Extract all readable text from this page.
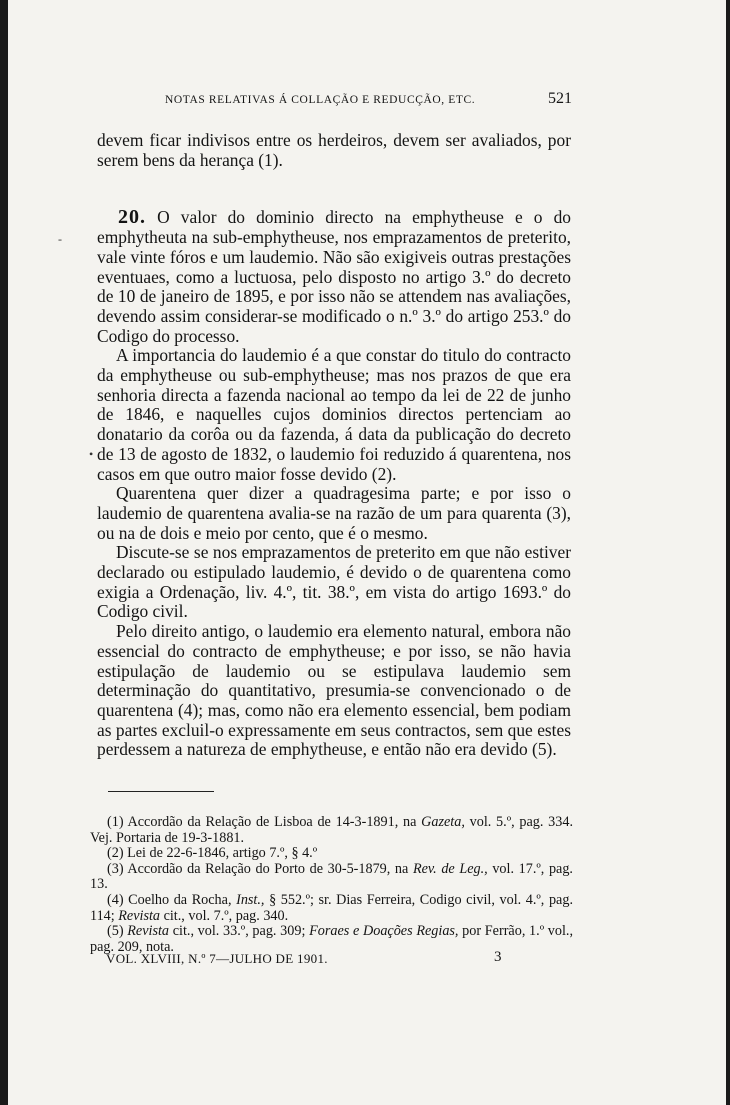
NOTAS RELATIVAS Á COLLAÇÃO E REDUCÇÃO, ETC.	521

devem ficar indivisos entre os herdeiros, devem ser avaliados, por serem bens da herança (1).

20. O valor do dominio directo na emphytheuse e o do emphytheuta na sub-emphytheuse, nos emprazamentos de preterito, vale vinte fóros e um laudemio. Não são exigiveis outras prestações eventuaes, como a luctuosa, pelo disposto no artigo 3.º do decreto de 10 de janeiro de 1895, e por isso não se attendem nas avaliações, devendo assim considerar-se modificado o n.º 3.º do artigo 253.º do Codigo do processo.

A importancia do laudemio é a que constar do titulo do contracto da emphytheuse ou sub-emphytheuse; mas nos prazos de que era senhoria directa a fazenda nacional ao tempo da lei de 22 de junho de 1846, e naquelles cujos dominios directos pertenciam ao donatario da corôa ou da fazenda, á data da publicação do decreto de 13 de agosto de 1832, o laudemio foi reduzido á quarentena, nos casos em que outro maior fosse devido (2).

Quarentena quer dizer a quadragesima parte; e por isso o laudemio de quarentena avalia-se na razão de um para quarenta (3), ou na de dois e meio por cento, que é o mesmo.

Discute-se se nos emprazamentos de preterito em que não estiver declarado ou estipulado laudemio, é devido o de quarentena como exigia a Ordenação, liv. 4.º, tit. 38.º, em vista do artigo 1693.º do Codigo civil.

Pelo direito antigo, o laudemio era elemento natural, embora não essencial do contracto de emphytheuse; e por isso, se não havia estipulação de laudemio ou se estipulava laudemio sem determinação do quantitativo, presumia-se convencionado o de quarentena (4); mas, como não era elemento essencial, bem podiam as partes excluil-o expressamente em seus contractos, sem que estes perdessem a natureza de emphytheuse, e então não era devido (5).

(1) Accordão da Relação de Lisboa de 14-3-1891, na Gazeta, vol. 5.º, pag. 334. Vej. Portaria de 19-3-1881.

(2) Lei de 22-6-1846, artigo 7.º, § 4.º

(3) Accordão da Relação do Porto de 30-5-1879, na Rev. de Leg., vol. 17.º, pag. 13.

(4) Coelho da Rocha, Inst., § 552.º; sr. Dias Ferreira, Codigo civil, vol. 4.º, pag. 114; Revista cit., vol. 7.º, pag. 340.

(5) Revista cit., vol. 33.º, pag. 309; Foraes e Doações Regias, por Ferrão, 1.º vol., pag. 209, nota.

VOL. XLVIII, N.º 7—JULHO DE 1901.	3
-
•
